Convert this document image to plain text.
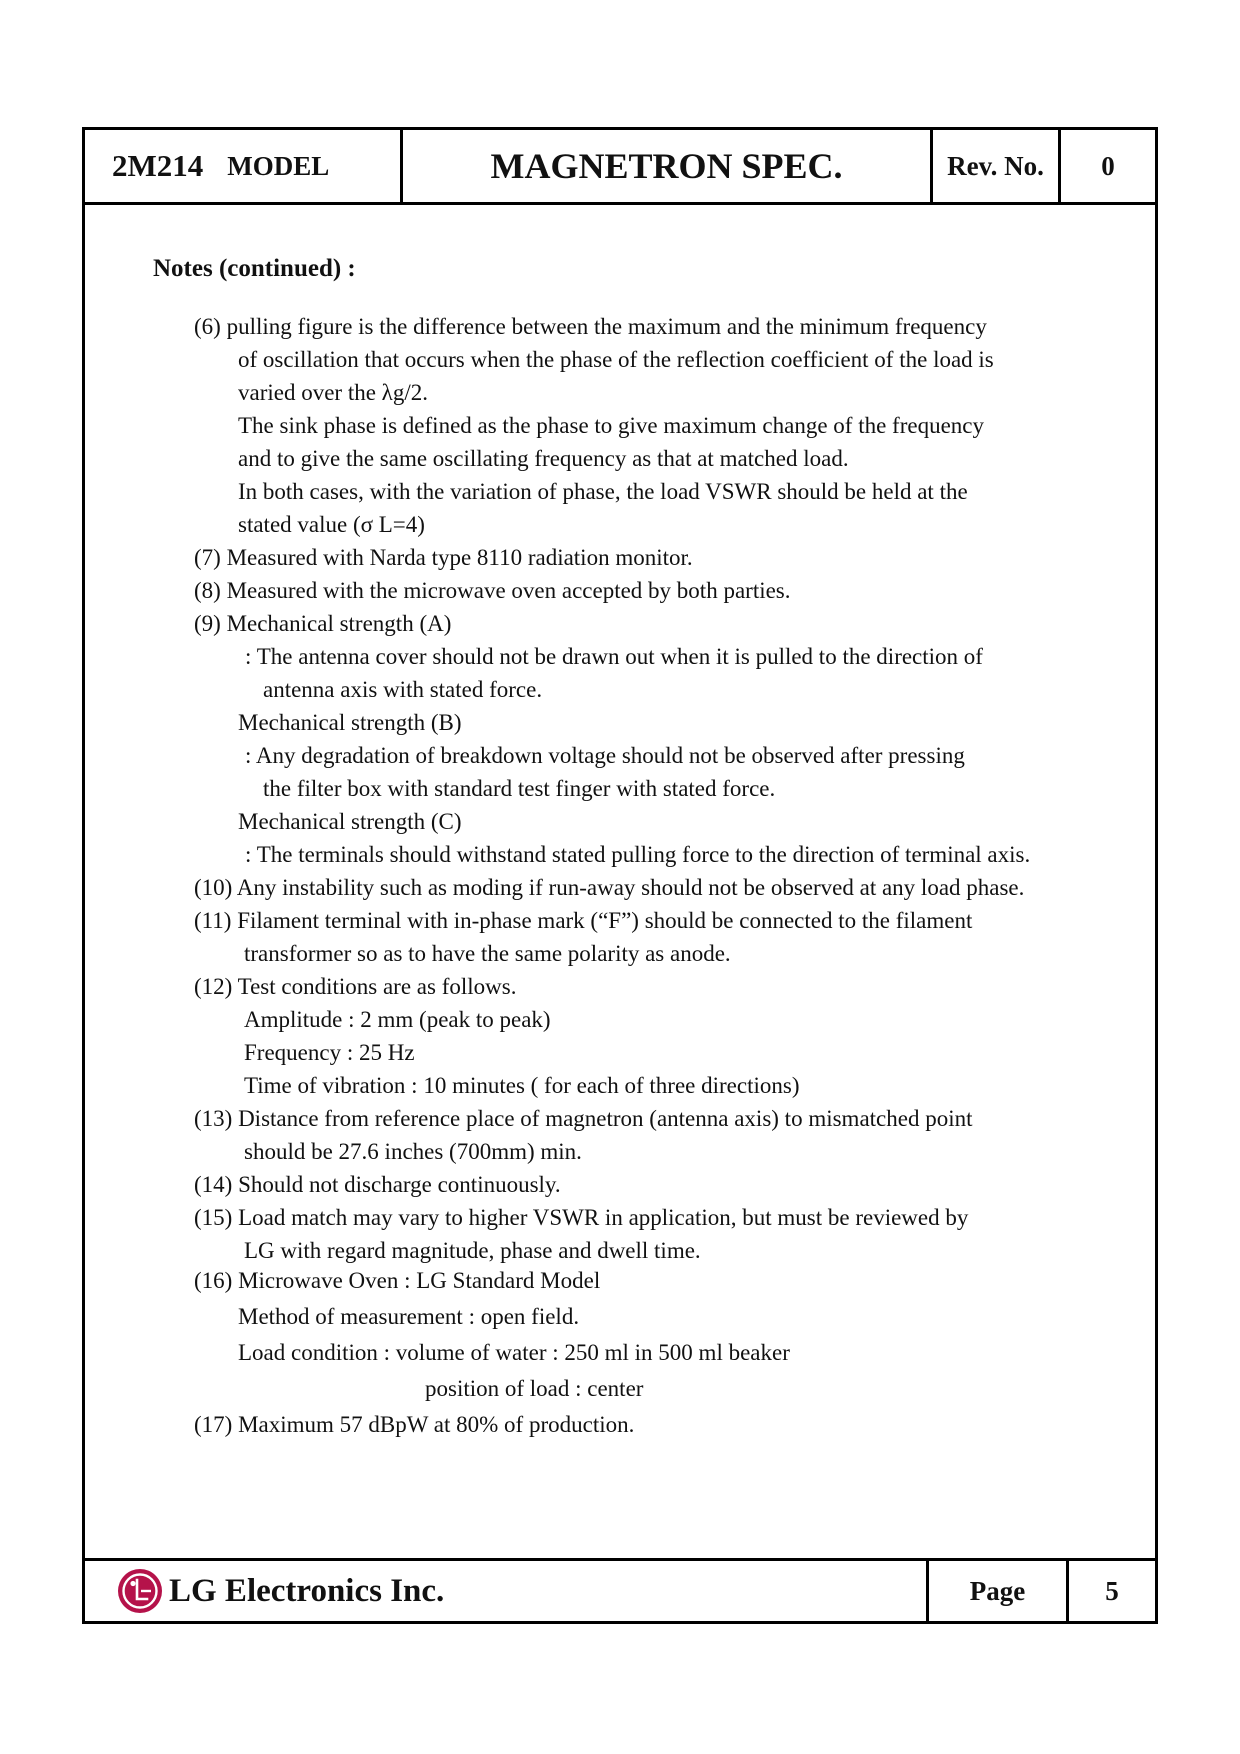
2M214 MODEL	MAGNETRON SPEC.	Rev. No. 0
Notes (continued) :
(6) pulling figure is the difference between the maximum and the minimum frequency
of oscillation that occurs when the phase of the reflection coefficient of the load is
varied over the λg/2.
The sink phase is defined as the phase to give maximum change of the frequency
and to give the same oscillating frequency as that at matched load.
In both cases, with the variation of phase, the load VSWR should be held at the
stated value (σ L=4)
(7) Measured with Narda type 8110 radiation monitor.
(8) Measured with the microwave oven accepted by both parties.
(9) Mechanical strength (A)
: The antenna cover should not be drawn out when it is pulled to the direction of
antenna axis with stated force.
Mechanical strength (B)
: Any degradation of breakdown voltage should not be observed after pressing
the filter box with standard test finger with stated force.
Mechanical strength (C)
: The terminals should withstand stated pulling force to the direction of terminal axis.
(10) Any instability such as moding if run-away should not be observed at any load phase.
(11) Filament terminal with in-phase mark (“F”) should be connected to the filament
transformer so as to have the same polarity as anode.
(12) Test conditions are as follows.
Amplitude : 2 mm (peak to peak)
Frequency : 25 Hz
Time of vibration : 10 minutes ( for each of three directions)
(13) Distance from reference place of magnetron (antenna axis) to mismatched point
should be 27.6 inches (700mm) min.
(14) Should not discharge continuously.
(15) Load match may vary to higher VSWR in application, but must be reviewed by
LG with regard magnitude, phase and dwell time.
(16) Microwave Oven : LG Standard Model
Method of measurement : open field.
Load condition : volume of water : 250 ml in 500 ml beaker
position of load : center
(17) Maximum 57 dBpW at 80% of production.
LG Electronics Inc.	Page	5
